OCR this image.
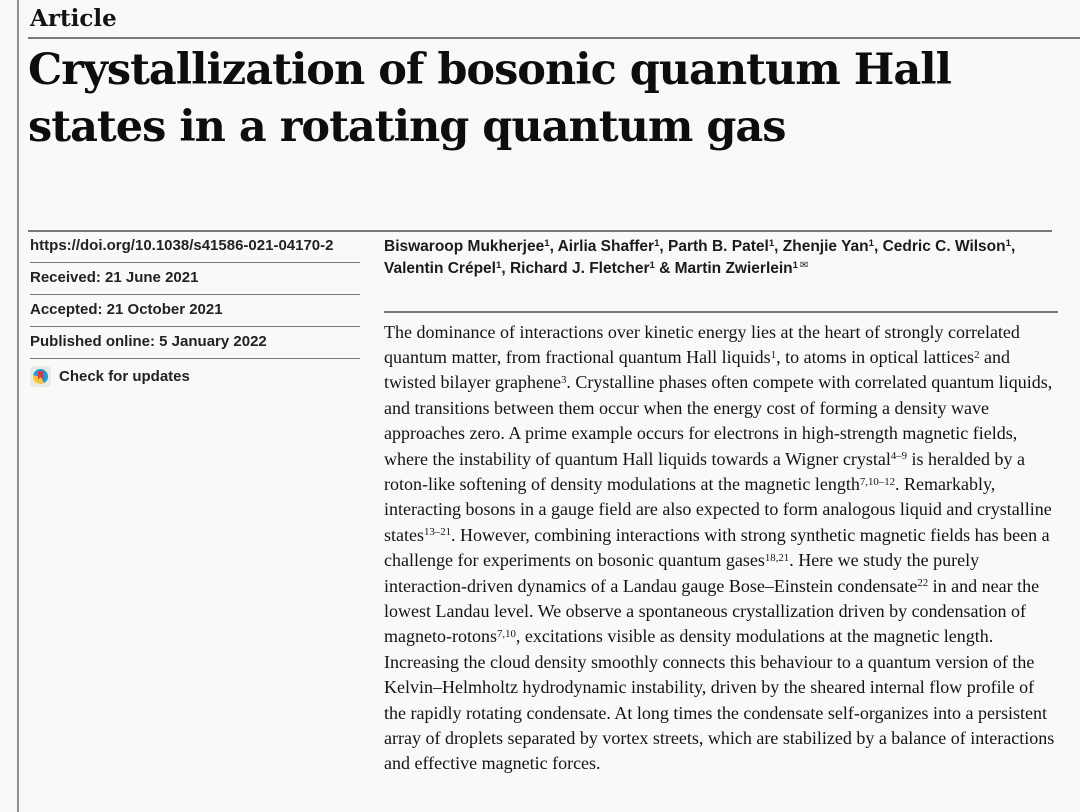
Article
Crystallization of bosonic quantum Hall
states in a rotating quantum gas
https://doi.org/10.1038/s41586-021-04170-2
Received: 21 June 2021
Accepted: 21 October 2021
Published online: 5 January 2022
Check for updates
Biswaroop Mukherjee$^1$, Airlia Shaffer$^1$, Parth B. Patel$^1$, Zhenjie Yan$^1$, Cedric C. Wilson$^1$, Valentin Crépel$^1$, Richard J. Fletcher$^1$ & Martin Zwierlein$^1$ ✉

The dominance of interactions over kinetic energy lies at the heart of strongly correlated quantum matter, from fractional quantum Hall liquids$^1$, to atoms in optical lattices$^2$ and twisted bilayer graphene$^3$. Crystalline phases often compete with correlated quantum liquids, and transitions between them occur when the energy cost of forming a density wave approaches zero. A prime example occurs for electrons in high-strength magnetic fields, where the instability of quantum Hall liquids towards a Wigner crystal$^{4-9}$ is heralded by a roton-like softening of density modulations at the magnetic length$^{7,10-12}$. Remarkably, interacting bosons in a gauge field are also expected to form analogous liquid and crystalline states$^{13-21}$. However, combining interactions with strong synthetic magnetic fields has been a challenge for experiments on bosonic quantum gases$^{18,21}$. Here we study the purely interaction-driven dynamics of a Landau gauge Bose–Einstein condensate$^{22}$ in and near the lowest Landau level. We observe a spontaneous crystallization driven by condensation of magneto-rotons$^{7,10}$, excitations visible as density modulations at the magnetic length. Increasing the cloud density smoothly connects this behaviour to a quantum version of the Kelvin–Helmholtz hydrodynamic instability, driven by the sheared internal flow profile of the rapidly rotating condensate. At long times the condensate self-organizes into a persistent array of droplets separated by vortex streets, which are stabilized by a balance of interactions and effective magnetic forces.
